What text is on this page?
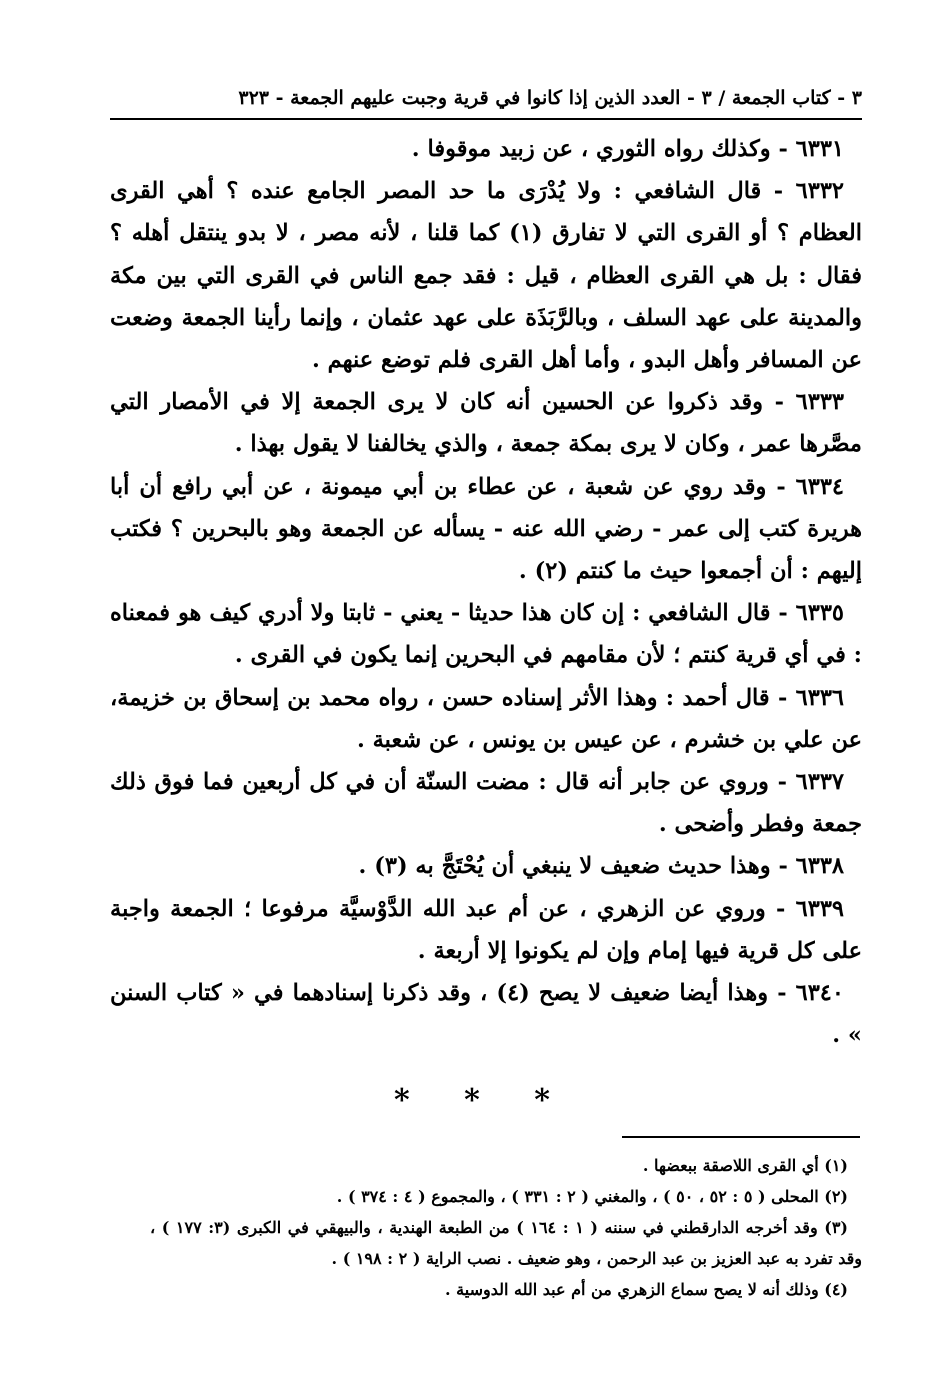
٣ - كتاب الجمعة / ٣ - العدد الذين إذا كانوا في قرية وجبت عليهم الجمعة - ٣٢٣

٦٣٣١ - وكذلك رواه الثوري ، عن زبيد موقوفا .

٦٣٣٢ - قال الشافعي : ولا يُدْرَى ما حد المصر الجامع عنده ؟ أهي القرى العظام ؟ أو القرى التي لا تفارق (١) كما قلنا ، لأنه مصر ، لا بدو ينتقل أهله ؟ فقال : بل هي القرى العظام ، قيل : فقد جمع الناس في القرى التي بين مكة والمدينة على عهد السلف ، وبالرَّبَذَة على عهد عثمان ، وإنما رأينا الجمعة وضعت عن المسافر وأهل البدو ، وأما أهل القرى فلم توضع عنهم .

٦٣٣٣ - وقد ذكروا عن الحسين أنه كان لا يرى الجمعة إلا في الأمصار التي مصَّرها عمر ، وكان لا يرى بمكة جمعة ، والذي يخالفنا لا يقول بهذا .

٦٣٣٤ - وقد روي عن شعبة ، عن عطاء بن أبي ميمونة ، عن أبي رافع أن أبا هريرة كتب إلى عمر - رضي الله عنه - يسأله عن الجمعة وهو بالبحرين ؟ فكتب إليهم : أن أجمعوا حيث ما كنتم (٢) .

٦٣٣٥ - قال الشافعي : إن كان هذا حديثا - يعني - ثابتا ولا أدري كيف هو فمعناه : في أي قرية كنتم ؛ لأن مقامهم في البحرين إنما يكون في القرى .

٦٣٣٦ - قال أحمد : وهذا الأثر إسناده حسن ، رواه محمد بن إسحاق بن خزيمة، عن علي بن خشرم ، عن عيس بن يونس ، عن شعبة .

٦٣٣٧ - وروي عن جابر أنه قال : مضت السنّة أن في كل أربعين فما فوق ذلك جمعة وفطر وأضحى .

٦٣٣٨ - وهذا حديث ضعيف لا ينبغي أن يُحْتَجَّ به (٣) .

٦٣٣٩ - وروي عن الزهري ، عن أم عبد الله الدَّوْسيَّة مرفوعا ؛ الجمعة واجبة على كل قرية فيها إمام وإن لم يكونوا إلا أربعة .

٦٣٤٠ - وهذا أيضا ضعيف لا يصح (٤) ، وقد ذكرنا إسنادهما في « كتاب السنن » .

* * *

(١) أي القرى اللاصقة ببعضها .

(٢) المحلى ( ٥ : ٥٢ ، ٥٠ ) ، والمغني ( ٢ : ٣٣١ ) ، والمجموع ( ٤ : ٣٧٤ ) .

(٣) وقد أخرجه الدارقطني في سننه ( ١ : ١٦٤ ) من الطبعة الهندية ، والبيهقي في الكبرى (٣: ١٧٧ ) ، وقد تفرد به عبد العزيز بن عبد الرحمن ، وهو ضعيف . نصب الراية ( ٢ : ١٩٨ ) .

(٤) وذلك أنه لا يصح سماع الزهري من أم عبد الله الدوسية .
